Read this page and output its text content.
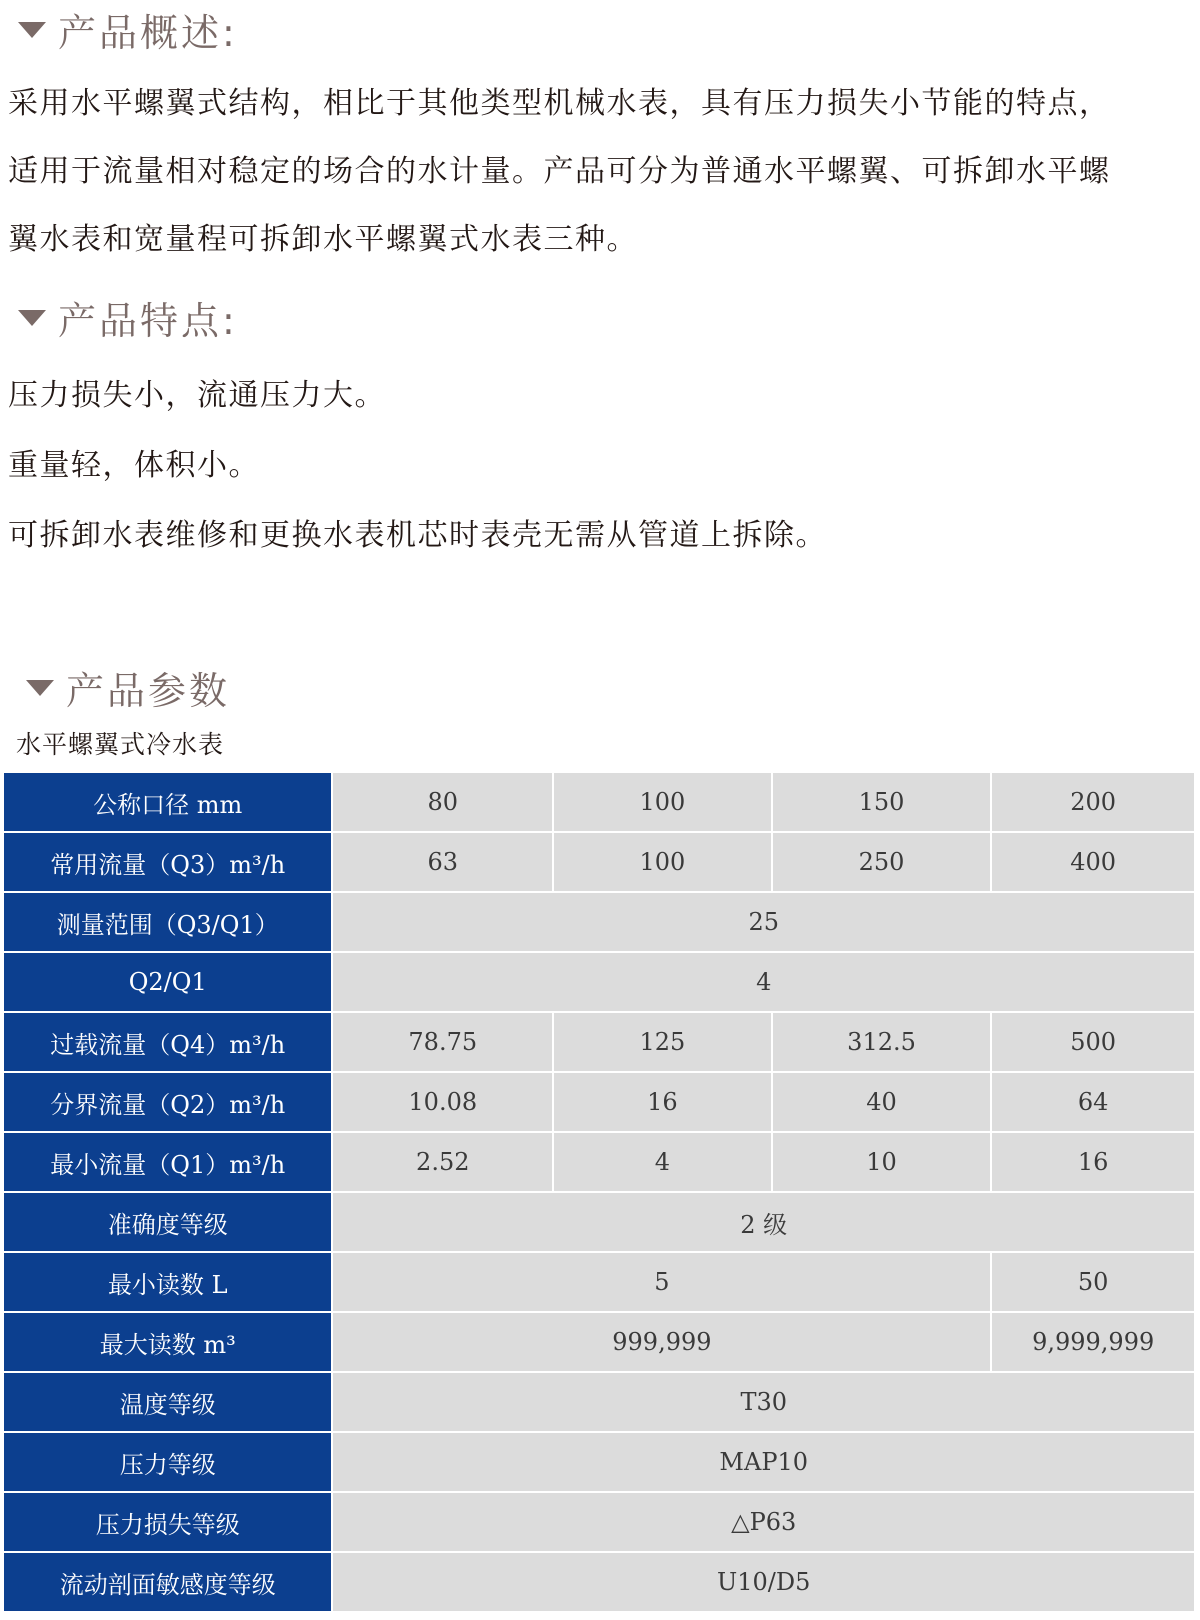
产品概述:
采用水平螺翼式结构，相比于其他类型机械水表，具有压力损失小节能的特点，
适用于流量相对稳定的场合的水计量。产品可分为普通水平螺翼、可拆卸水平螺
翼水表和宽量程可拆卸水平螺翼式水表三种。
产品特点:
压力损失小，流通压力大。
重量轻，体积小。
可拆卸水表维修和更换水表机芯时表壳无需从管道上拆除。
产品参数
水平螺翼式冷水表
公称口径 mm	80	100	150	200
常用流量（Q3）m³/h	63	100	250	400
测量范围（Q3/Q1）	25
Q2/Q1	4
过载流量（Q4）m³/h	78.75	125	312.5	500
分界流量（Q2）m³/h	10.08	16	40	64
最小流量（Q1）m³/h	2.52	4	10	16
准确度等级	2 级
最小读数 L	5	50
最大读数 m³	999,999	9,999,999
温度等级	T30
压力等级	MAP10
压力损失等级	△P63
流动剖面敏感度等级	U10/D5
